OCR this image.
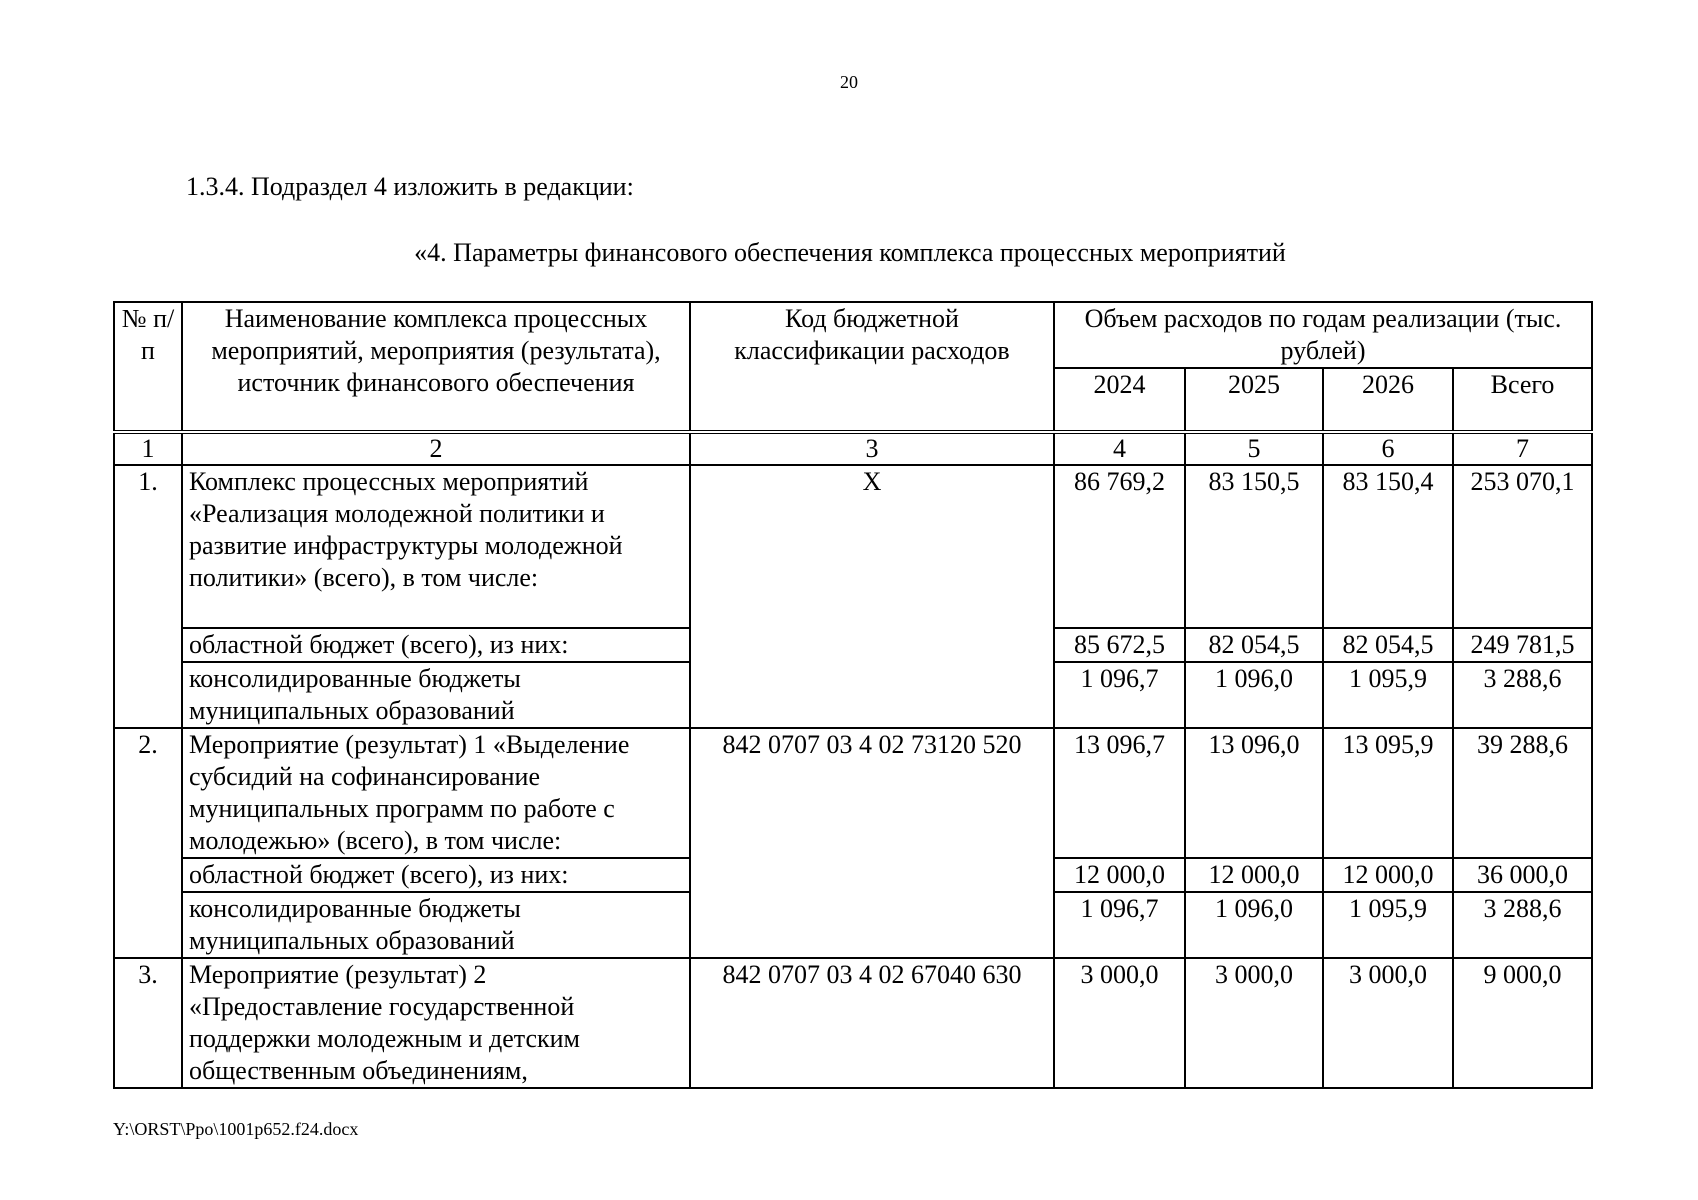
20
1.3.4. Подраздел 4 изложить в редакции:
«4. Параметры финансового обеспечения комплекса процессных мероприятий
№ п/п	Наименование комплекса процессных мероприятий, мероприятия (результата), источник финансового обеспечения	Код бюджетной классификации расходов	Объем расходов по годам реализации (тыс. рублей)			
			2024	2025	2026	Всего
1	2	3	4	5	6	7
1.	Комплекс процессных мероприятий «Реализация молодежной политики и развитие инфраструктуры молодежной политики» (всего), в том числе:	Х	86 769,2	83 150,5	83 150,4	253 070,1
	областной бюджет (всего), из них:		85 672,5	82 054,5	82 054,5	249 781,5
	консолидированные бюджеты муниципальных образований		1 096,7	1 096,0	1 095,9	3 288,6
2.	Мероприятие (результат) 1 «Выделение субсидий на софинансирование муниципальных программ по работе с молодежью» (всего), в том числе:	842 0707 03 4 02 73120 520	13 096,7	13 096,0	13 095,9	39 288,6
	областной бюджет (всего), из них:		12 000,0	12 000,0	12 000,0	36 000,0
	консолидированные бюджеты муниципальных образований		1 096,7	1 096,0	1 095,9	3 288,6
3.	Мероприятие (результат) 2 «Предоставление государственной поддержки молодежным и детским общественным объединениям,	842 0707 03 4 02 67040 630	3 000,0	3 000,0	3 000,0	9 000,0
Y:\ORST\Ppo\1001p652.f24.docx
